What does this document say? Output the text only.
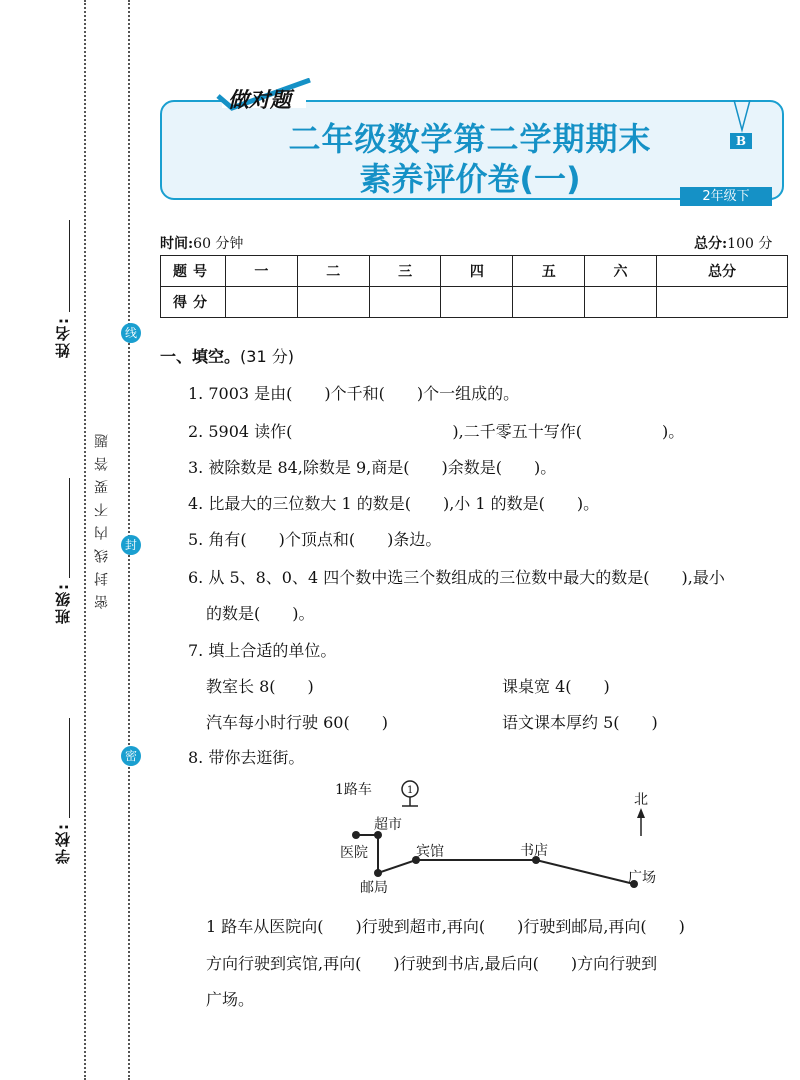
姓名:
班级:
学校:
线
封
密
密封线内不要答题
做对题
二年级数学第二学期期末
素养评价卷(一)
B
2年级下
时间:60 分钟	总分:100 分
题号	一	二	三	四	五	六	总分
得分							
一、填空。(31 分)
1. 7003 是由(　　)个千和(　　)个一组成的。
2. 5904 读作(　　　　　　　　　　),二千零五十写作(　　　　　)。
3. 被除数是 84,除数是 9,商是(　　)余数是(　　)。
4. 比最大的三位数大 1 的数是(　　),小 1 的数是(　　)。
5. 角有(　　)个顶点和(　　)条边。
6. 从 5、8、0、4 四个数中选三个数组成的三位数中最大的数是(　　),最小
的数是(　　)。
7. 填上合适的单位。
教室长 8(　　)	课桌宽 4(　　)
汽车每小时行驶 60(　　)	语文课本厚约 5(　　)
8. 带你去逛街。
1
1路车
超市
医院	宾馆
邮局
书店
广场
北
1 路车从医院向(　　)行驶到超市,再向(　　)行驶到邮局,再向(　　)
方向行驶到宾馆,再向(　　)行驶到书店,最后向(　　)方向行驶到
广场。
